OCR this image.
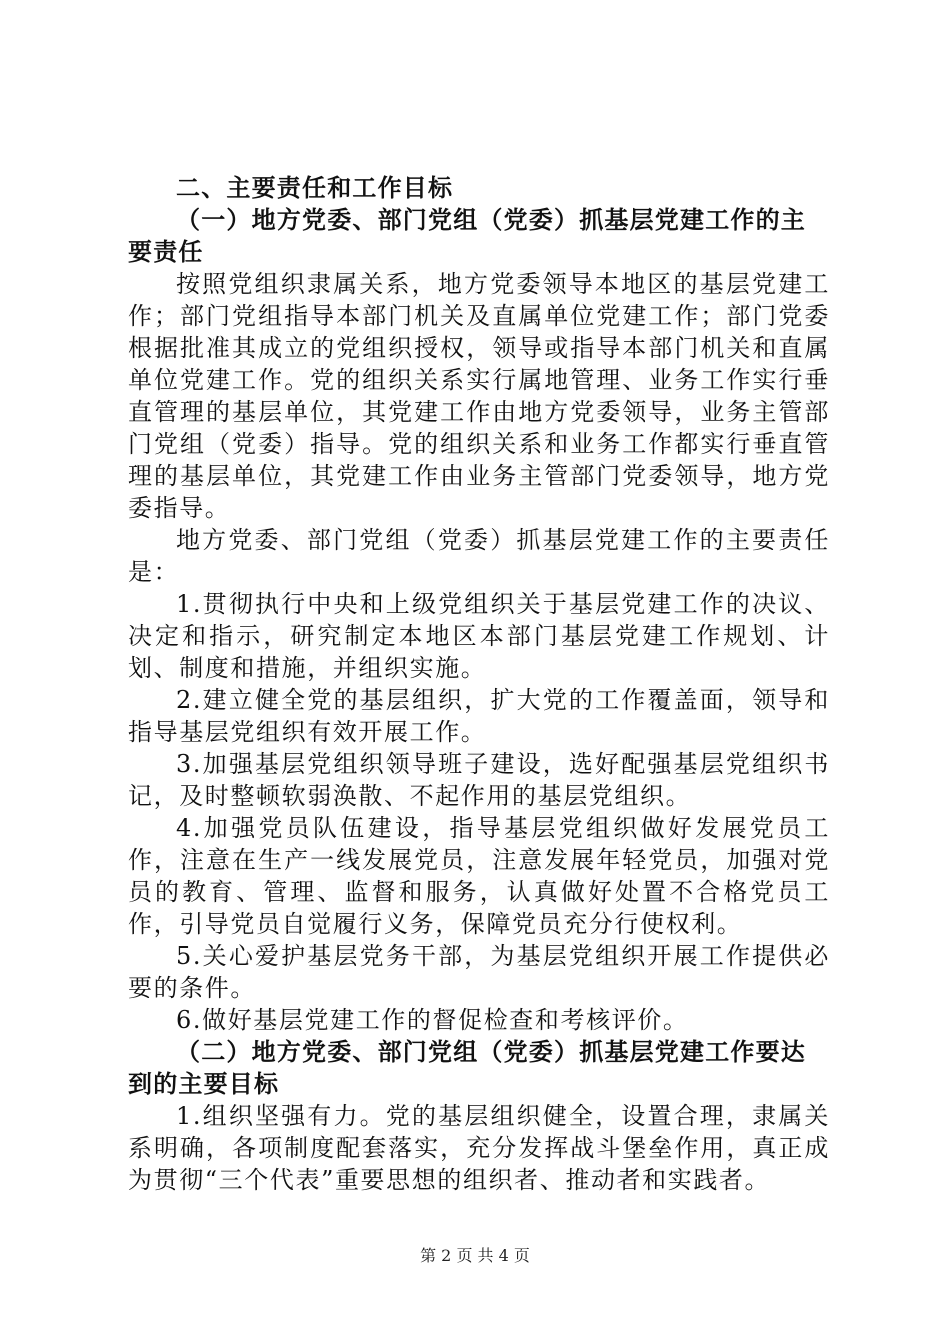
二、主要责任和工作目标

（一）地方党委、部门党组（党委）抓基层党建工作的主要责任

按照党组织隶属关系，地方党委领导本地区的基层党建工作；部门党组指导本部门机关及直属单位党建工作；部门党委根据批准其成立的党组织授权，领导或指导本部门机关和直属单位党建工作。党的组织关系实行属地管理、业务工作实行垂直管理的基层单位，其党建工作由地方党委领导，业务主管部门党组（党委）指导。党的组织关系和业务工作都实行垂直管理的基层单位，其党建工作由业务主管部门党委领导，地方党委指导。

地方党委、部门党组（党委）抓基层党建工作的主要责任是：

1.贯彻执行中央和上级党组织关于基层党建工作的决议、决定和指示，研究制定本地区本部门基层党建工作规划、计划、制度和措施，并组织实施。

2.建立健全党的基层组织，扩大党的工作覆盖面，领导和指导基层党组织有效开展工作。

3.加强基层党组织领导班子建设，选好配强基层党组织书记，及时整顿软弱涣散、不起作用的基层党组织。

4.加强党员队伍建设，指导基层党组织做好发展党员工作，注意在生产一线发展党员，注意发展年轻党员，加强对党员的教育、管理、监督和服务，认真做好处置不合格党员工作，引导党员自觉履行义务，保障党员充分行使权利。

5.关心爱护基层党务干部，为基层党组织开展工作提供必要的条件。

6.做好基层党建工作的督促检查和考核评价。

（二）地方党委、部门党组（党委）抓基层党建工作要达到的主要目标

1.组织坚强有力。党的基层组织健全，设置合理，隶属关系明确，各项制度配套落实，充分发挥战斗堡垒作用，真正成为贯彻“三个代表”重要思想的组织者、推动者和实践者。

第 2 页 共 4 页
